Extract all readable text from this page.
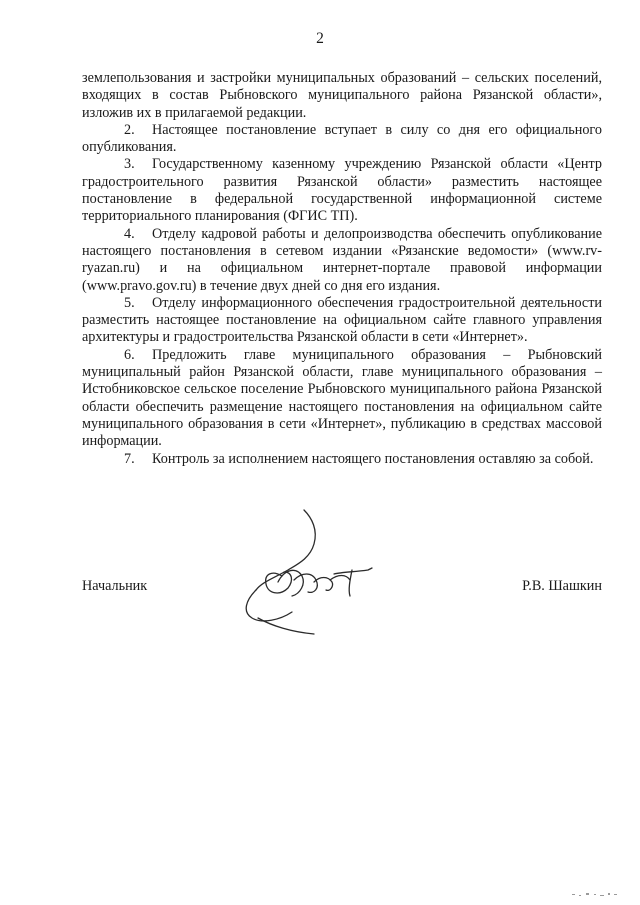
2

землепользования и застройки муниципальных образований – сельских поселений, входящих в состав Рыбновского муниципального района Рязанской области», изложив их в прилагаемой редакции.

2. Настоящее постановление вступает в силу со дня его официального опубликования.

3. Государственному казенному учреждению Рязанской области «Центр градостроительного развития Рязанской области» разместить настоящее постановление в федеральной государственной информационной системе территориального планирования (ФГИС ТП).

4. Отделу кадровой работы и делопроизводства обеспечить опубликование настоящего постановления в сетевом издании «Рязанские ведомости» (www.rv-ryazan.ru) и на официальном интернет-портале правовой информации (www.pravo.gov.ru) в течение двух дней со дня его издания.

5. Отделу информационного обеспечения градостроительной деятельности разместить настоящее постановление на официальном сайте главного управления архитектуры и градостроительства Рязанской области в сети «Интернет».

6. Предложить главе муниципального образования – Рыбновский муниципальный район Рязанской области, главе муниципального образования – Истобниковское сельское поселение Рыбновского муниципального района Рязанской области обеспечить размещение настоящего постановления на официальном сайте муниципального образования в сети «Интернет», публикацию в средствах массовой информации.

7. Контроль за исполнением настоящего постановления оставляю за собой.

Начальник	Р.В. Шашкин
